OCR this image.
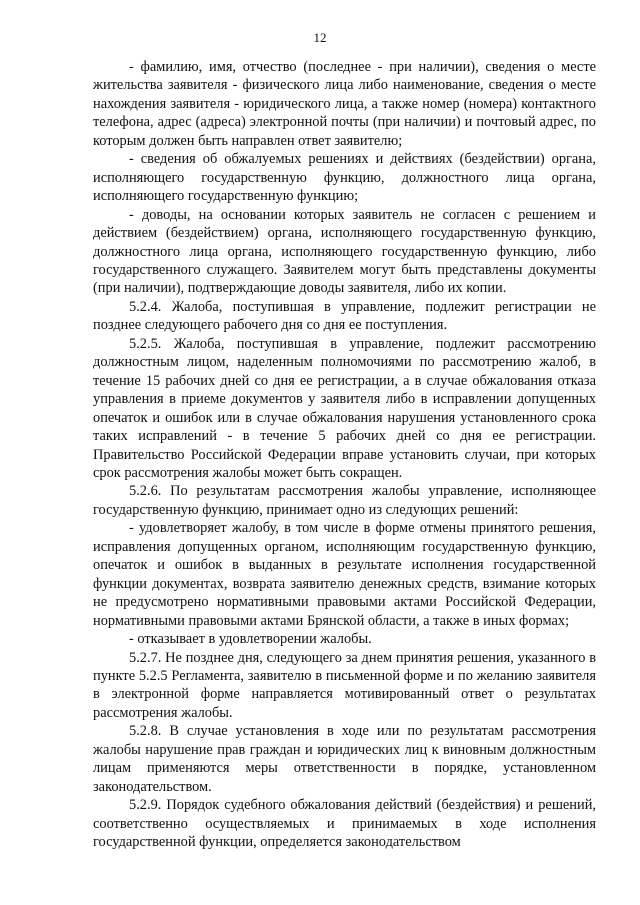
12

- фамилию, имя, отчество (последнее - при наличии), сведения о месте жительства заявителя - физического лица либо наименование, сведения о месте нахождения заявителя - юридического лица, а также номер (номера) контактного телефона, адрес (адреса) электронной почты (при наличии) и почтовый адрес, по которым должен быть направлен ответ заявителю;

- сведения об обжалуемых решениях и действиях (бездействии) органа, исполняющего государственную функцию, должностного лица органа, исполняющего государственную функцию;

- доводы, на основании которых заявитель не согласен с решением и действием (бездействием) органа, исполняющего государственную функцию, должностного лица органа, исполняющего государственную функцию, либо государственного служащего. Заявителем могут быть представлены документы (при наличии), подтверждающие доводы заявителя, либо их копии.

5.2.4. Жалоба, поступившая в управление, подлежит регистрации не позднее следующего рабочего дня со дня ее поступления.

5.2.5. Жалоба, поступившая в управление, подлежит рассмотрению должностным лицом, наделенным полномочиями по рассмотрению жалоб, в течение 15 рабочих дней со дня ее регистрации, а в случае обжалования отказа управления в приеме документов у заявителя либо в исправлении допущенных опечаток и ошибок или в случае обжалования нарушения установленного срока таких исправлений - в течение 5 рабочих дней со дня ее регистрации. Правительство Российской Федерации вправе установить случаи, при которых срок рассмотрения жалобы может быть сокращен.

5.2.6. По результатам рассмотрения жалобы управление, исполняющее государственную функцию, принимает одно из следующих решений:

- удовлетворяет жалобу, в том числе в форме отмены принятого решения, исправления допущенных органом, исполняющим государственную функцию, опечаток и ошибок в выданных в результате исполнения государственной функции документах, возврата заявителю денежных средств, взимание которых не предусмотрено нормативными правовыми актами Российской Федерации, нормативными правовыми актами Брянской области, а также в иных формах;

- отказывает в удовлетворении жалобы.

5.2.7. Не позднее дня, следующего за днем принятия решения, указанного в пункте 5.2.5 Регламента, заявителю в письменной форме и по желанию заявителя в электронной форме направляется мотивированный ответ о результатах рассмотрения жалобы.

5.2.8. В случае установления в ходе или по результатам рассмотрения жалобы нарушение прав граждан и юридических лиц к виновным должностным лицам применяются меры ответственности в порядке, установленном законодательством.

5.2.9. Порядок судебного обжалования действий (бездействия) и решений, соответственно осуществляемых и принимаемых в ходе исполнения государственной функции, определяется законодательством
